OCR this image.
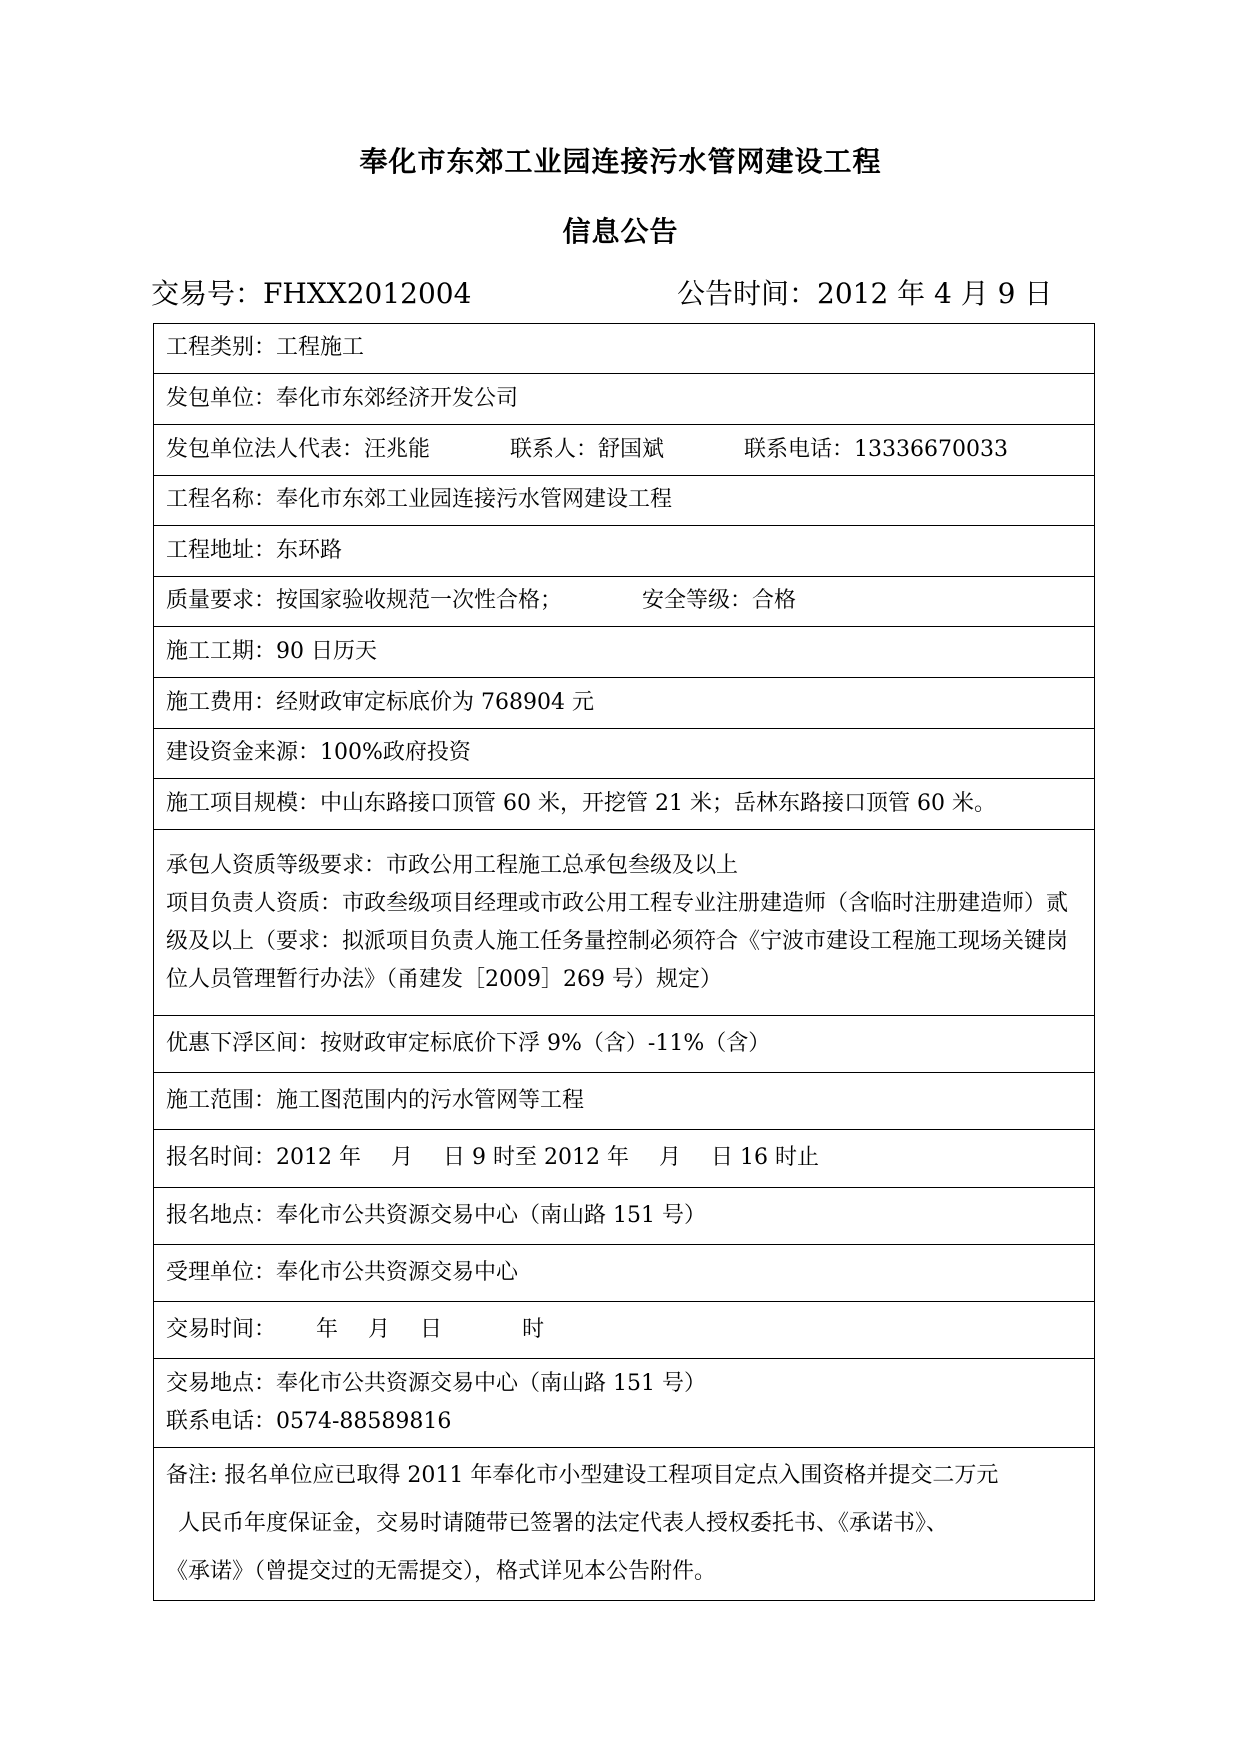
奉化市东郊工业园连接污水管网建设工程
信息公告
交易号：FHXX2012004	公告时间：2012 年 4 月 9 日
工程类别：工程施工
发包单位：奉化市东郊经济开发公司
发包单位法人代表：汪兆能	联系人：舒国斌	联系电话：13336670033
工程名称：奉化市东郊工业园连接污水管网建设工程
工程地址：东环路
质量要求：按国家验收规范一次性合格；	安全等级：合格
施工工期：90 日历天
施工费用：经财政审定标底价为 768904 元
建设资金来源：100%政府投资
施工项目规模：中山东路接口顶管 60 米，开挖管 21 米；岳林东路接口顶管 60 米。

承包人资质等级要求：市政公用工程施工总承包叁级及以上
项目负责人资质：市政叁级项目经理或市政公用工程专业注册建造师（含临时注册建造师）贰级及以上（要求：拟派项目负责人施工任务量控制必须符合《宁波市建设工程施工现场关键岗位人员管理暂行办法》（甬建发［2009］269 号）规定）

优惠下浮区间：按财政审定标底价下浮 9%（含）-11%（含）
施工范围：施工图范围内的污水管网等工程
报名时间：2012 年 月 日 9 时至 2012 年 月 日 16 时止
报名地点：奉化市公共资源交易中心（南山路 151 号）
受理单位：奉化市公共资源交易中心
交易时间： 年 月 日	时

交易地点：奉化市公共资源交易中心（南山路 151 号）
联系电话：0574-88589816

备注: 报名单位应已取得 2011 年奉化市小型建设工程项目定点入围资格并提交二万元
人民币年度保证金，交易时请随带已签署的法定代表人授权委托书、《承诺书》、
《承诺》（曾提交过的无需提交），格式详见本公告附件。
